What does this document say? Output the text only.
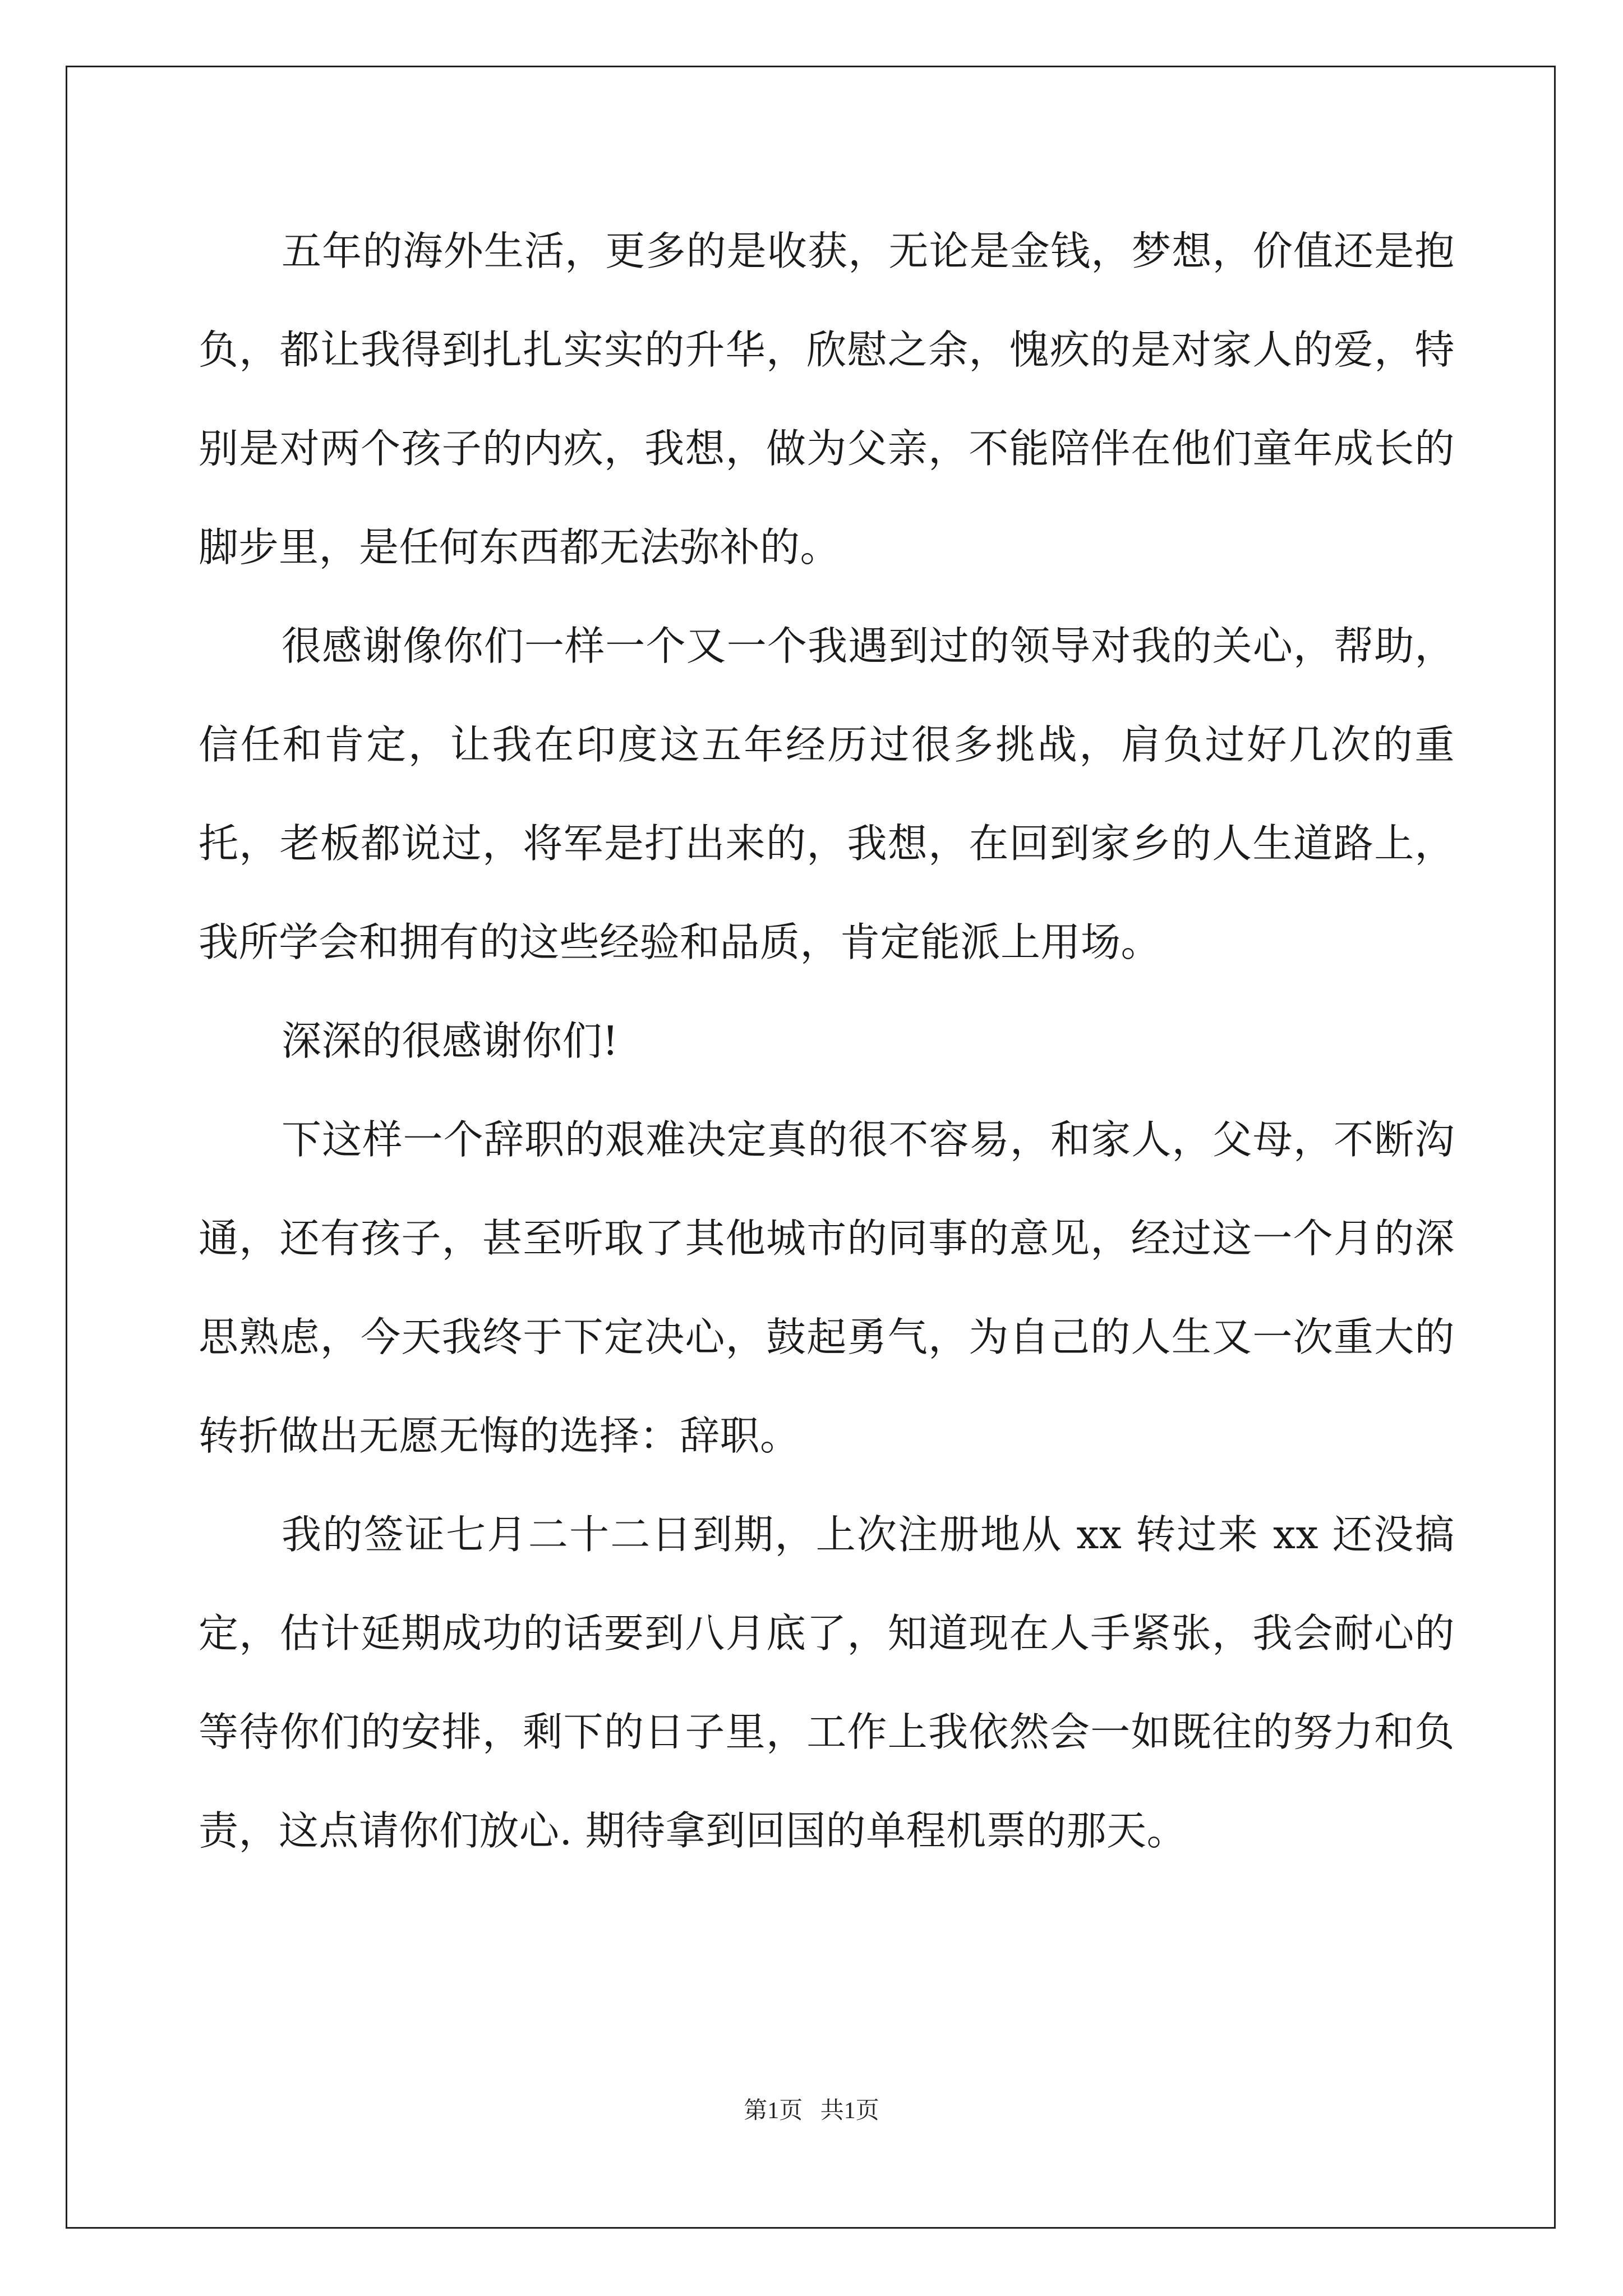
五年的海外生活，更多的是收获，无论是金钱，梦想，价值还是抱负，都让我得到扎扎实实的升华，欣慰之余，愧疚的是对家人的爱，特别是对两个孩子的内疚，我想，做为父亲，不能陪伴在他们童年成长的脚步里，是任何东西都无法弥补的。

很感谢像你们一样一个又一个我遇到过的领导对我的关心，帮助，信任和肯定，让我在印度这五年经历过很多挑战，肩负过好几次的重托，老板都说过，将军是打出来的，我想，在回到家乡的人生道路上，我所学会和拥有的这些经验和品质，肯定能派上用场。

深深的很感谢你们!

下这样一个辞职的艰难决定真的很不容易，和家人，父母，不断沟通，还有孩子，甚至听取了其他城市的同事的意见，经过这一个月的深思熟虑，今天我终于下定决心，鼓起勇气，为自己的人生又一次重大的转折做出无愿无悔的选择：辞职。

我的签证七月二十二日到期，上次注册地从 xx 转过来 xx 还没搞定，估计延期成功的话要到八月底了，知道现在人手紧张，我会耐心的等待你们的安排，剩下的日子里，工作上我依然会一如既往的努力和负责，这点请你们放心. 期待拿到回国的单程机票的那天。

第1页 共1页
